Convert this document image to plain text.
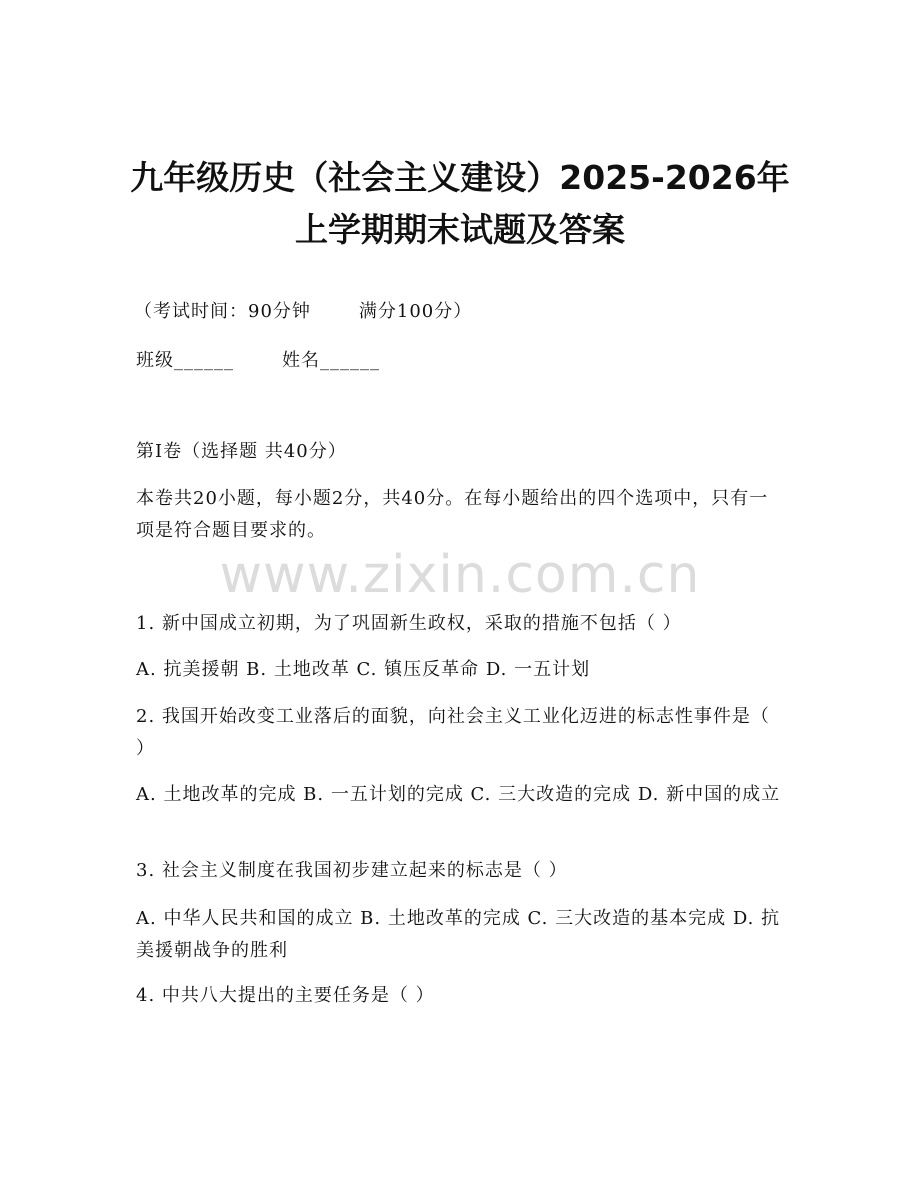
九年级历史（社会主义建设）2025-2026年
上学期期末试题及答案
（考试时间：90分钟	满分100分）
班级______	姓名______
第Ⅰ卷（选择题 共40分）
本卷共20小题，每小题2分，共40分。在每小题给出的四个选项中，只有一项是符合题目要求的。
www.zixin.com.cn
1. 新中国成立初期，为了巩固新生政权，采取的措施不包括（ ）
A. 抗美援朝 B. 土地改革 C. 镇压反革命 D. 一五计划
2. 我国开始改变工业落后的面貌，向社会主义工业化迈进的标志性事件是（ ）
A. 土地改革的完成 B. 一五计划的完成 C. 三大改造的完成 D. 新中国的成立
3. 社会主义制度在我国初步建立起来的标志是（ ）
A. 中华人民共和国的成立 B. 土地改革的完成 C. 三大改造的基本完成 D. 抗美援朝战争的胜利
4. 中共八大提出的主要任务是（ ）
